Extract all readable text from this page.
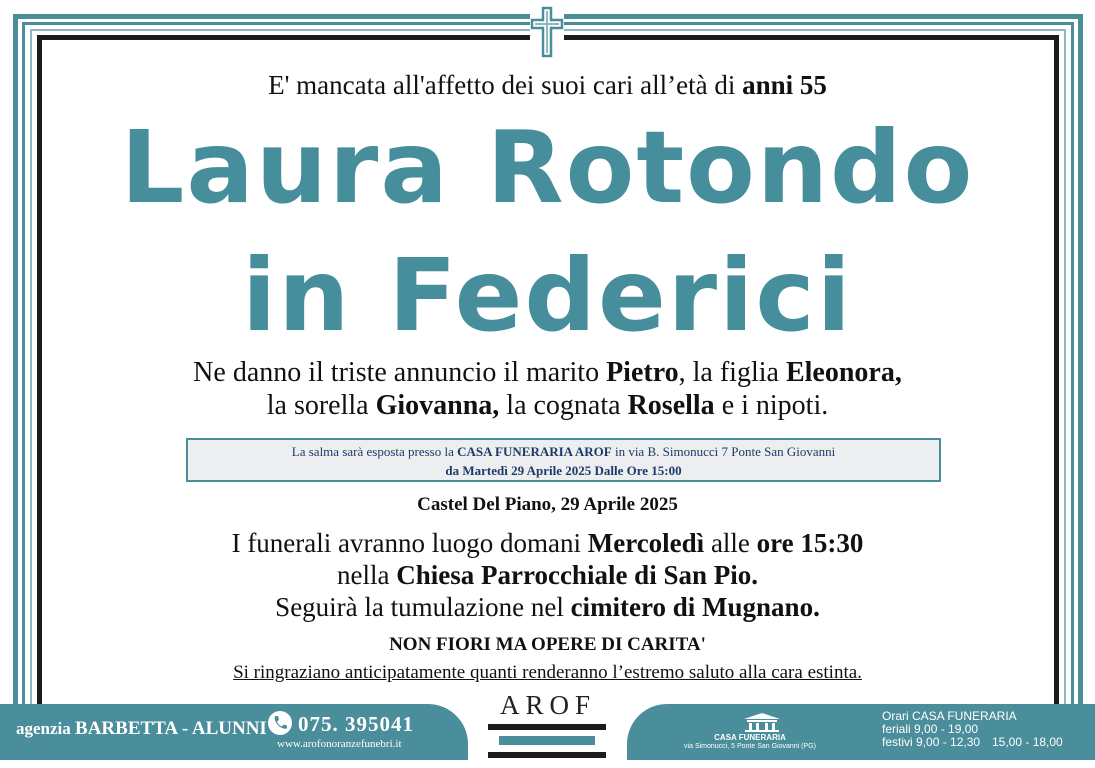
E' mancata all'affetto dei suoi cari all’età di anni 55
Laura Rotondo
in Federici
Ne danno il triste annuncio il marito Pietro, la figlia Eleonora,
la sorella Giovanna, la cognata Rosella e i nipoti.
La salma sarà esposta presso la CASA FUNERARIA AROF in via B. Simonucci 7 Ponte San Giovanni
da Martedì 29 Aprile 2025 Dalle Ore 15:00
Castel Del Piano, 29 Aprile 2025
I funerali avranno luogo domani Mercoledì alle ore 15:30
nella Chiesa Parrocchiale di San Pio.
Seguirà la tumulazione nel cimitero di Mugnano.
NON FIORI MA OPERE DI CARITA'
Si ringraziano anticipatamente quanti renderanno l’estremo saluto alla cara estinta.
agenzia BARBETTA - ALUNNI 075. 395041
www.arofonoranzefunebri.it
AROF
CASA FUNERARIA
via Simonucci, 5 Ponte San Giovanni (PG)
Orari CASA FUNERARIA
feriali 9,00 - 19,00
festivi 9,00 - 12,30 15,00 - 18,00
